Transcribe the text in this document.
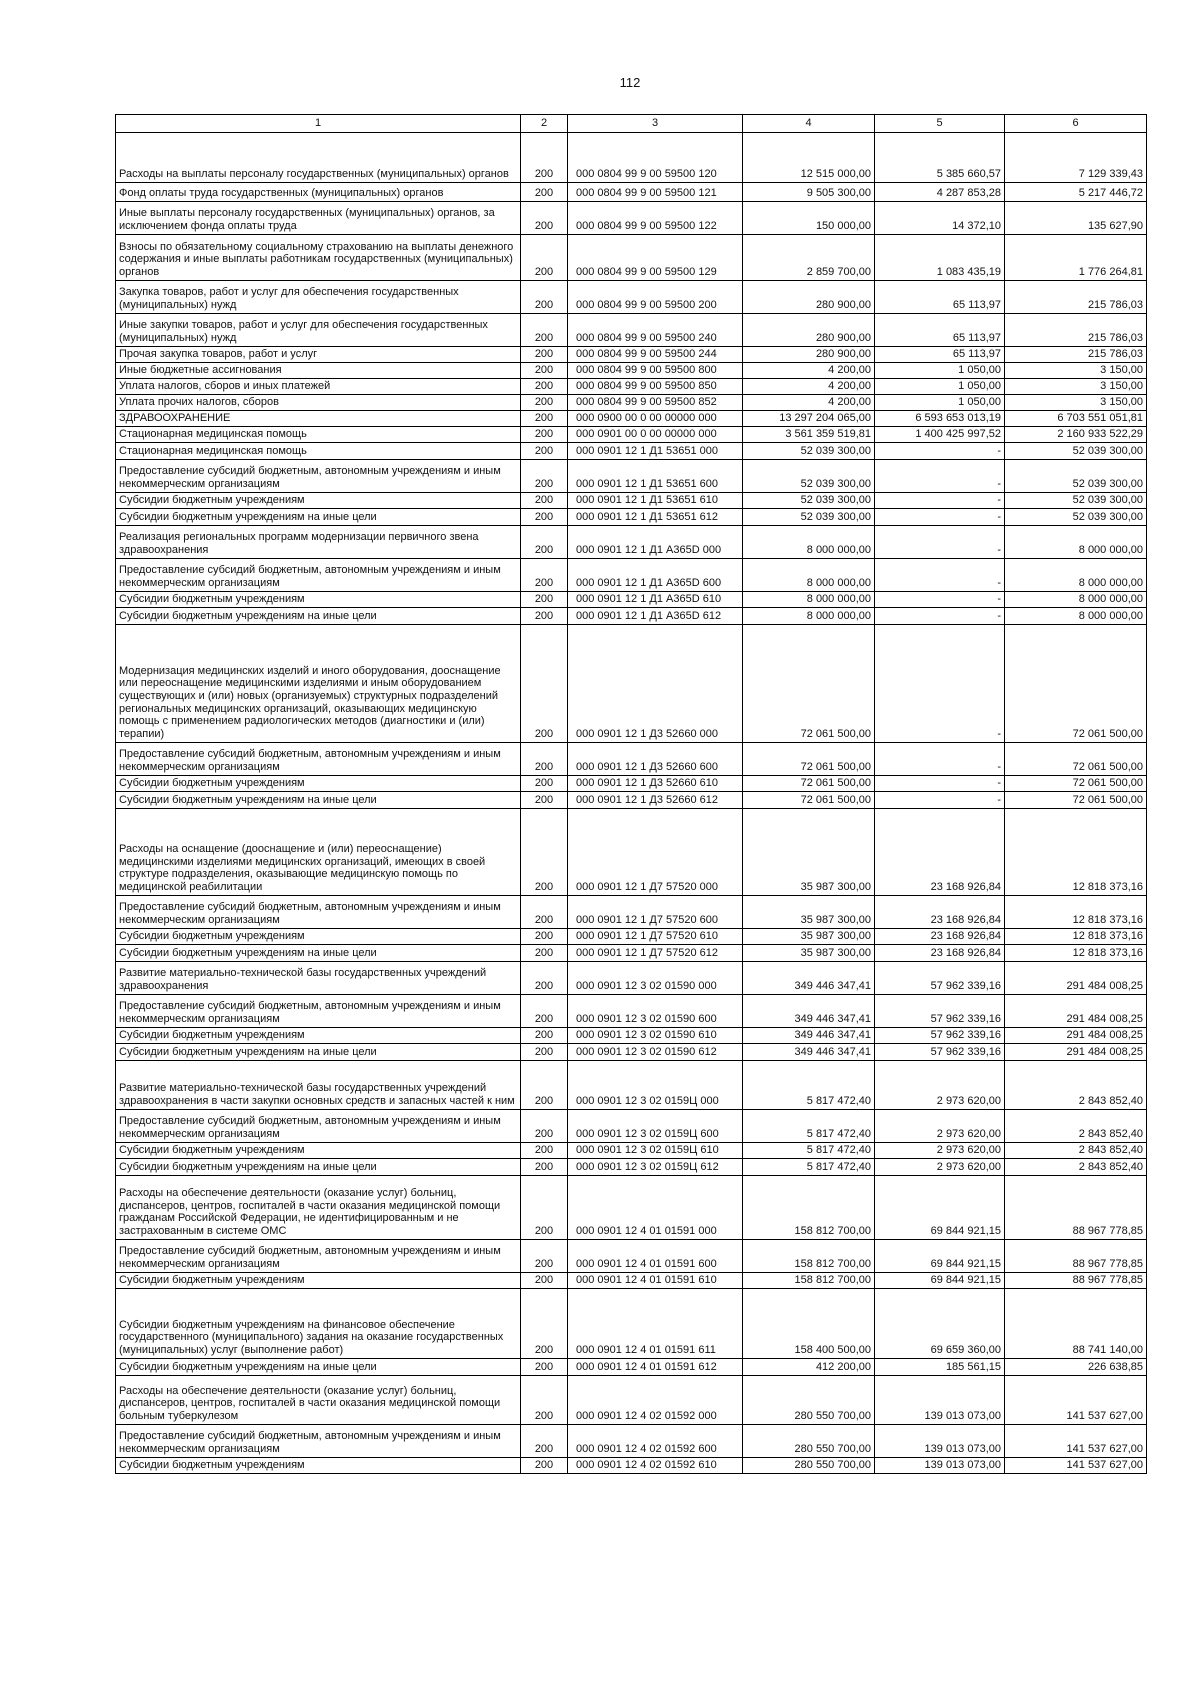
112
1	2	3	4	5	6
Расходы на выплаты персоналу государственных (муниципальных) органов	200	000 0804 99 9 00 59500 120	12 515 000,00	5 385 660,57	7 129 339,43
Фонд оплаты труда государственных (муниципальных) органов	200	000 0804 99 9 00 59500 121	9 505 300,00	4 287 853,28	5 217 446,72
Иные выплаты персоналу государственных (муниципальных) органов, за исключением фонда оплаты труда	200	000 0804 99 9 00 59500 122	150 000,00	14 372,10	135 627,90
Взносы по обязательному социальному страхованию на выплаты денежного содержания и иные выплаты работникам государственных (муниципальных) органов	200	000 0804 99 9 00 59500 129	2 859 700,00	1 083 435,19	1 776 264,81
Закупка товаров, работ и услуг для обеспечения государственных (муниципальных) нужд	200	000 0804 99 9 00 59500 200	280 900,00	65 113,97	215 786,03
Иные закупки товаров, работ и услуг для обеспечения государственных (муниципальных) нужд	200	000 0804 99 9 00 59500 240	280 900,00	65 113,97	215 786,03
Прочая закупка товаров, работ и услуг	200	000 0804 99 9 00 59500 244	280 900,00	65 113,97	215 786,03
Иные бюджетные ассигнования	200	000 0804 99 9 00 59500 800	4 200,00	1 050,00	3 150,00
Уплата налогов, сборов и иных платежей	200	000 0804 99 9 00 59500 850	4 200,00	1 050,00	3 150,00
Уплата прочих налогов, сборов	200	000 0804 99 9 00 59500 852	4 200,00	1 050,00	3 150,00
ЗДРАВООХРАНЕНИЕ	200	000 0900 00 0 00 00000 000	13 297 204 065,00	6 593 653 013,19	6 703 551 051,81
Стационарная медицинская помощь	200	000 0901 00 0 00 00000 000	3 561 359 519,81	1 400 425 997,52	2 160 933 522,29
Стационарная медицинская помощь	200	000 0901 12 1 Д1 53651 000	52 039 300,00	-	52 039 300,00
Предоставление субсидий бюджетным, автономным учреждениям и иным некоммерческим организациям	200	000 0901 12 1 Д1 53651 600	52 039 300,00	-	52 039 300,00
Субсидии бюджетным учреждениям	200	000 0901 12 1 Д1 53651 610	52 039 300,00	-	52 039 300,00
Субсидии бюджетным учреждениям на иные цели	200	000 0901 12 1 Д1 53651 612	52 039 300,00	-	52 039 300,00
Реализация региональных программ модернизации первичного звена здравоохранения	200	000 0901 12 1 Д1 А365D 000	8 000 000,00	-	8 000 000,00
Предоставление субсидий бюджетным, автономным учреждениям и иным некоммерческим организациям	200	000 0901 12 1 Д1 А365D 600	8 000 000,00	-	8 000 000,00
Субсидии бюджетным учреждениям	200	000 0901 12 1 Д1 А365D 610	8 000 000,00	-	8 000 000,00
Субсидии бюджетным учреждениям на иные цели	200	000 0901 12 1 Д1 А365D 612	8 000 000,00	-	8 000 000,00
Модернизация медицинских изделий и иного оборудования, дооснащение или переоснащение медицинскими изделиями и иным оборудованием существующих и (или) новых (организуемых) структурных подразделений региональных медицинских организаций, оказывающих медицинскую помощь с применением радиологических методов (диагностики и (или) терапии)	200	000 0901 12 1 Д3 52660 000	72 061 500,00	-	72 061 500,00
Предоставление субсидий бюджетным, автономным учреждениям и иным некоммерческим организациям	200	000 0901 12 1 Д3 52660 600	72 061 500,00	-	72 061 500,00
Субсидии бюджетным учреждениям	200	000 0901 12 1 Д3 52660 610	72 061 500,00	-	72 061 500,00
Субсидии бюджетным учреждениям на иные цели	200	000 0901 12 1 Д3 52660 612	72 061 500,00	-	72 061 500,00
Расходы на оснащение (дооснащение и (или) переоснащение) медицинскими изделиями медицинских организаций, имеющих в своей структуре подразделения, оказывающие медицинскую помощь по медицинской реабилитации	200	000 0901 12 1 Д7 57520 000	35 987 300,00	23 168 926,84	12 818 373,16
Предоставление субсидий бюджетным, автономным учреждениям и иным некоммерческим организациям	200	000 0901 12 1 Д7 57520 600	35 987 300,00	23 168 926,84	12 818 373,16
Субсидии бюджетным учреждениям	200	000 0901 12 1 Д7 57520 610	35 987 300,00	23 168 926,84	12 818 373,16
Субсидии бюджетным учреждениям на иные цели	200	000 0901 12 1 Д7 57520 612	35 987 300,00	23 168 926,84	12 818 373,16
Развитие материально-технической базы государственных учреждений здравоохранения	200	000 0901 12 3 02 01590 000	349 446 347,41	57 962 339,16	291 484 008,25
Предоставление субсидий бюджетным, автономным учреждениям и иным некоммерческим организациям	200	000 0901 12 3 02 01590 600	349 446 347,41	57 962 339,16	291 484 008,25
Субсидии бюджетным учреждениям	200	000 0901 12 3 02 01590 610	349 446 347,41	57 962 339,16	291 484 008,25
Субсидии бюджетным учреждениям на иные цели	200	000 0901 12 3 02 01590 612	349 446 347,41	57 962 339,16	291 484 008,25
Развитие материально-технической базы государственных учреждений здравоохранения в части закупки основных средств и запасных частей к ним	200	000 0901 12 3 02 0159Ц 000	5 817 472,40	2 973 620,00	2 843 852,40
Предоставление субсидий бюджетным, автономным учреждениям и иным некоммерческим организациям	200	000 0901 12 3 02 0159Ц 600	5 817 472,40	2 973 620,00	2 843 852,40
Субсидии бюджетным учреждениям	200	000 0901 12 3 02 0159Ц 610	5 817 472,40	2 973 620,00	2 843 852,40
Субсидии бюджетным учреждениям на иные цели	200	000 0901 12 3 02 0159Ц 612	5 817 472,40	2 973 620,00	2 843 852,40
Расходы на обеспечение деятельности (оказание услуг) больниц, диспансеров, центров, госпиталей в части оказания медицинской помощи гражданам Российской Федерации, не идентифицированным и не застрахованным в системе ОМС	200	000 0901 12 4 01 01591 000	158 812 700,00	69 844 921,15	88 967 778,85
Предоставление субсидий бюджетным, автономным учреждениям и иным некоммерческим организациям	200	000 0901 12 4 01 01591 600	158 812 700,00	69 844 921,15	88 967 778,85
Субсидии бюджетным учреждениям	200	000 0901 12 4 01 01591 610	158 812 700,00	69 844 921,15	88 967 778,85
Субсидии бюджетным учреждениям на финансовое обеспечение государственного (муниципального) задания на оказание государственных (муниципальных) услуг (выполнение работ)	200	000 0901 12 4 01 01591 611	158 400 500,00	69 659 360,00	88 741 140,00
Субсидии бюджетным учреждениям на иные цели	200	000 0901 12 4 01 01591 612	412 200,00	185 561,15	226 638,85
Расходы на обеспечение деятельности (оказание услуг) больниц, диспансеров, центров, госпиталей в части оказания медицинской помощи больным туберкулезом	200	000 0901 12 4 02 01592 000	280 550 700,00	139 013 073,00	141 537 627,00
Предоставление субсидий бюджетным, автономным учреждениям и иным некоммерческим организациям	200	000 0901 12 4 02 01592 600	280 550 700,00	139 013 073,00	141 537 627,00
Субсидии бюджетным учреждениям	200	000 0901 12 4 02 01592 610	280 550 700,00	139 013 073,00	141 537 627,00
